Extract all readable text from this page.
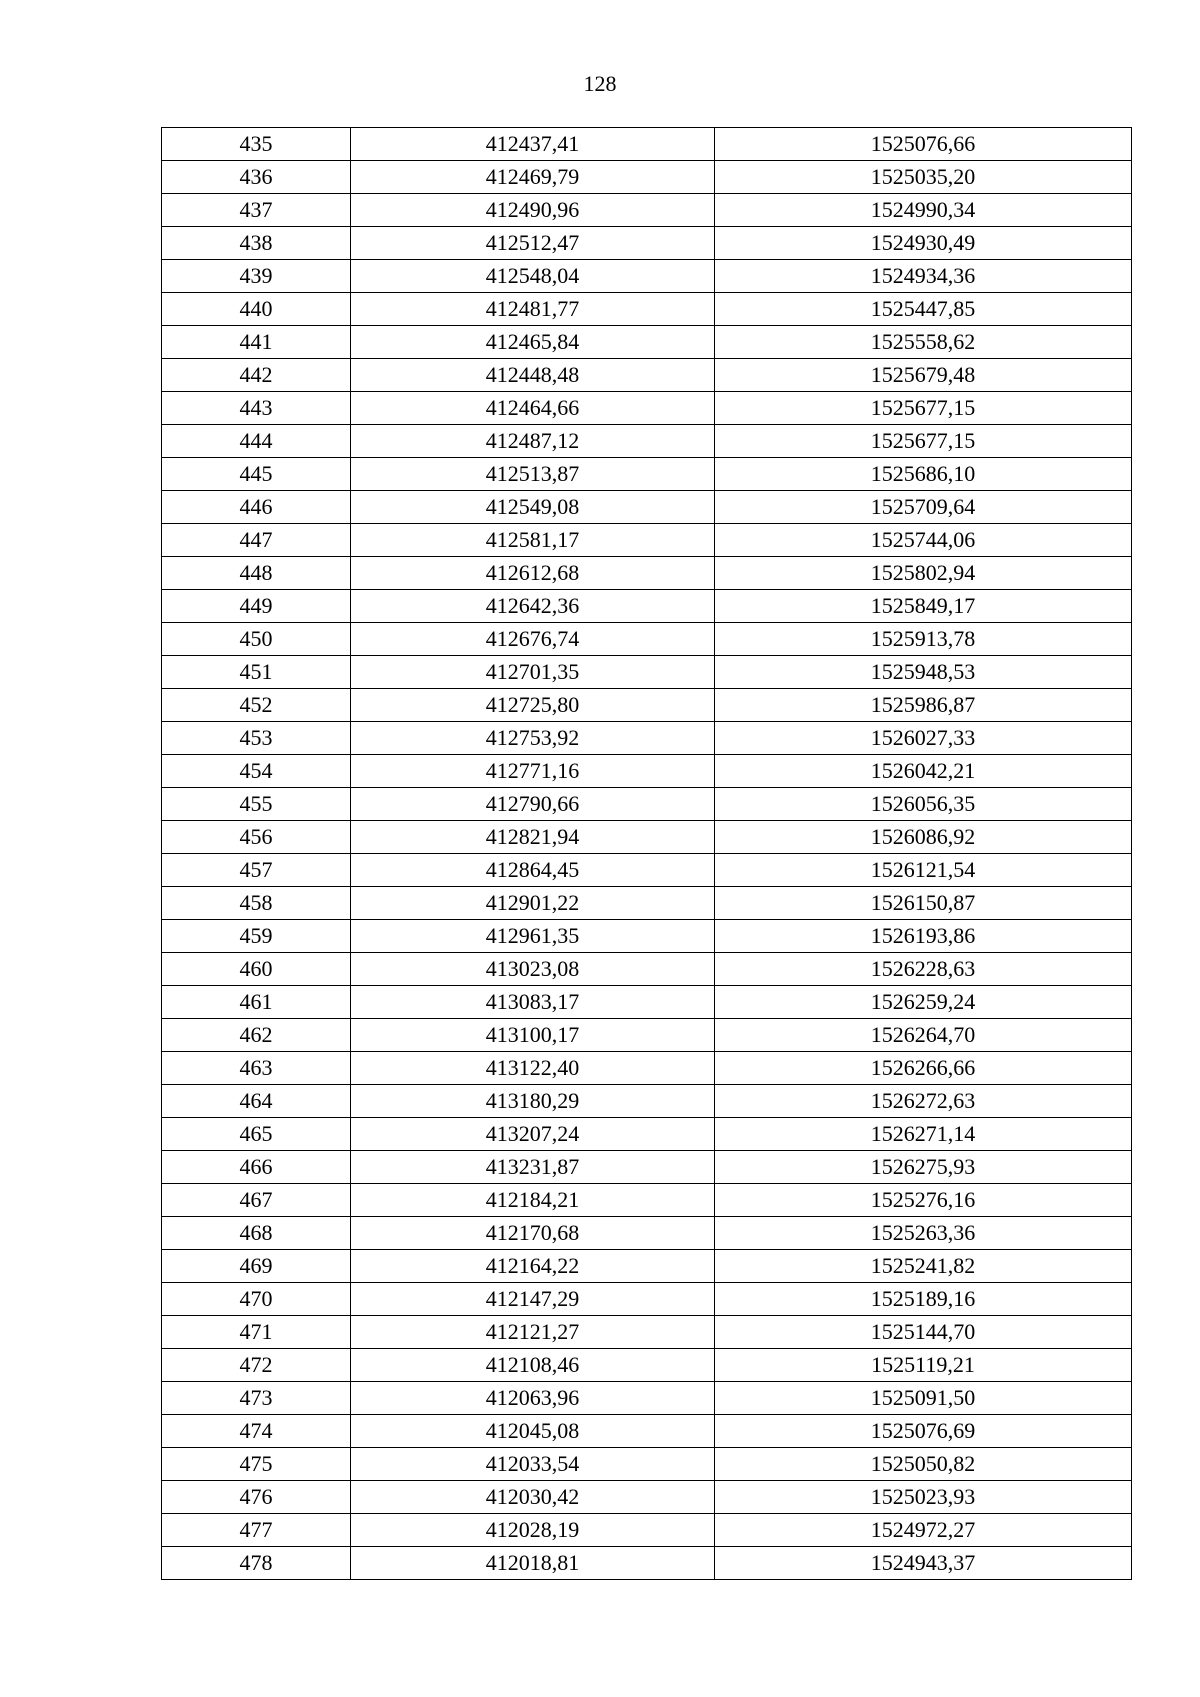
128
435	412437,41	1525076,66
436	412469,79	1525035,20
437	412490,96	1524990,34
438	412512,47	1524930,49
439	412548,04	1524934,36
440	412481,77	1525447,85
441	412465,84	1525558,62
442	412448,48	1525679,48
443	412464,66	1525677,15
444	412487,12	1525677,15
445	412513,87	1525686,10
446	412549,08	1525709,64
447	412581,17	1525744,06
448	412612,68	1525802,94
449	412642,36	1525849,17
450	412676,74	1525913,78
451	412701,35	1525948,53
452	412725,80	1525986,87
453	412753,92	1526027,33
454	412771,16	1526042,21
455	412790,66	1526056,35
456	412821,94	1526086,92
457	412864,45	1526121,54
458	412901,22	1526150,87
459	412961,35	1526193,86
460	413023,08	1526228,63
461	413083,17	1526259,24
462	413100,17	1526264,70
463	413122,40	1526266,66
464	413180,29	1526272,63
465	413207,24	1526271,14
466	413231,87	1526275,93
467	412184,21	1525276,16
468	412170,68	1525263,36
469	412164,22	1525241,82
470	412147,29	1525189,16
471	412121,27	1525144,70
472	412108,46	1525119,21
473	412063,96	1525091,50
474	412045,08	1525076,69
475	412033,54	1525050,82
476	412030,42	1525023,93
477	412028,19	1524972,27
478	412018,81	1524943,37
